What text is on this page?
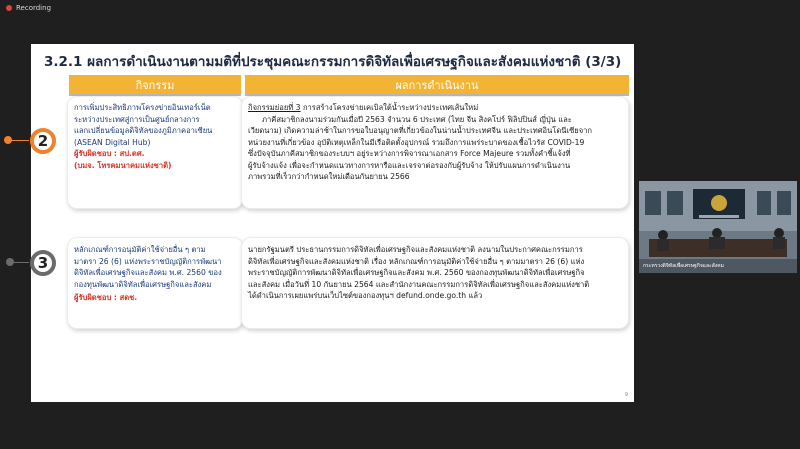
Recording
3.2.1 ผลการดำเนินงานตามมติที่ประชุมคณะกรรมการดิจิทัลเพื่อเศรษฐกิจและสังคมแห่งชาติ (3/3)
กิจกรรม	ผลการดำเนินงาน
2
การเพิ่มประสิทธิภาพโครงข่ายอินเทอร์เน็ต
ระหว่างประเทศสู่การเป็นศูนย์กลางการ
แลกเปลี่ยนข้อมูลดิจิทัลของภูมิภาคอาเซียน
(ASEAN Digital Hub)
ผู้รับผิดชอบ : สป.ดศ.
(บมจ. โทรคมนาคมแห่งชาติ)
กิจกรรมย่อยที่ 3 การสร้างโครงข่ายเคเบิลใต้น้ำระหว่างประเทศเส้นใหม่
ภาคีสมาชิกลงนามร่วมกันเมื่อปี 2563 จำนวน 6 ประเทศ (ไทย จีน สิงคโปร์ ฟิลิปปินส์ ญี่ปุ่น และ
เวียดนาม) เกิดความล่าช้าในการขอใบอนุญาตที่เกี่ยวข้องในน่านน้ำประเทศจีน และประเทศอินโดนีเซียจาก
หน่วยงานที่เกี่ยวข้อง อุบัติเหตุเหล็กในมีเรือติดตั้งอุปกรณ์ รวมถึงการแพร่ระบาดของเชื้อไวรัส COVID-19
ซึ่งปัจจุบันภาคีสมาชิกของระบบฯ อยู่ระหว่างการพิจารณาเอกสาร Force Majeure รวมทั้งคำชี้แจ้งที่
ผู้รับจ้างแจ้ง เพื่อจะกำหนดแนวทางการหารือและเจรจาต่อรองกับผู้รับจ้าง ให้ปรับแผนการดำเนินงาน
ภาพรวมที่เร็วกว่ากำหนดใหม่เดือนกันยายน 2566
3
หลักเกณฑ์การอนุมัติค่าใช้จ่ายอื่น ๆ ตาม
มาตรา 26 (6) แห่งพระราชบัญญัติการพัฒนา
ดิจิทัลเพื่อเศรษฐกิจและสังคม พ.ศ. 2560 ของ
กองทุนพัฒนาดิจิทัลเพื่อเศรษฐกิจและสังคม
ผู้รับผิดชอบ : สดช.
นายกรัฐมนตรี ประธานกรรมการดิจิทัลเพื่อเศรษฐกิจและสังคมแห่งชาติ ลงนามในประกาศคณะกรรมการ
ดิจิทัลเพื่อเศรษฐกิจและสังคมแห่งชาติ เรื่อง หลักเกณฑ์การอนุมัติค่าใช้จ่ายอื่น ๆ ตามมาตรา 26 (6) แห่ง
พระราชบัญญัติการพัฒนาดิจิทัลเพื่อเศรษฐกิจและสังคม พ.ศ. 2560 ของกองทุนพัฒนาดิจิทัลเพื่อเศรษฐกิจ
และสังคม เมื่อวันที่ 10 กันยายน 2564 และสำนักงานคณะกรรมการดิจิทัลเพื่อเศรษฐกิจและสังคมแห่งชาติ
ได้ดำเนินการเผยแพร่บนเว็บไซต์ของกองทุนฯ defund.onde.go.th แล้ว
9
กระทรวงดิจิทัลเพื่อเศรษฐกิจและสังคม
